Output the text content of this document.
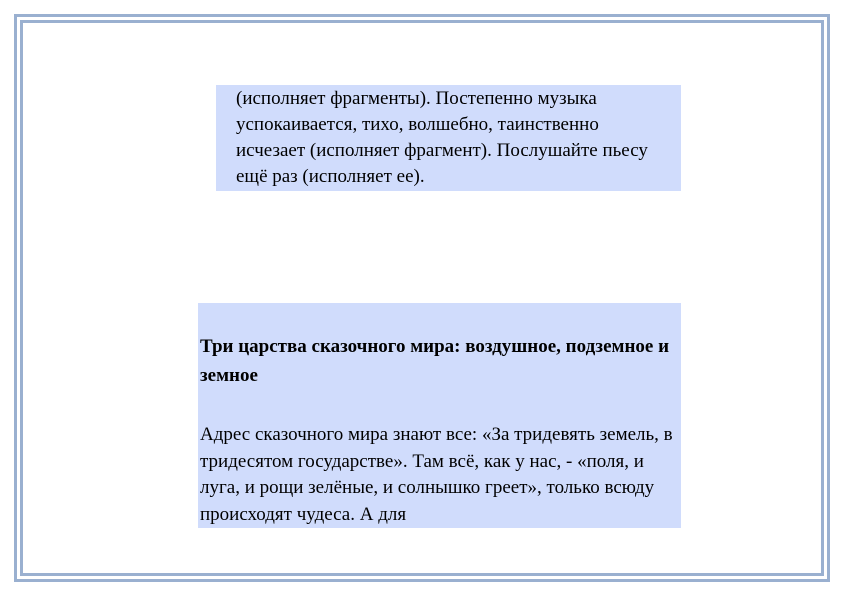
(исполняет фрагменты). Постепенно музыка успокаивается, тихо, волшебно, таинственно исчезает (исполняет фрагмент). Послушайте пьесу ещё раз (исполняет ее).

Три царства сказочного мира: воздушное, подземное и земное

Адрес сказочного мира знают все: «За тридевять земель, в тридесятом государстве». Там всё, как у нас, - «поля, и луга, и рощи зелёные, и солнышко греет», только всюду происходят чудеса. А для
